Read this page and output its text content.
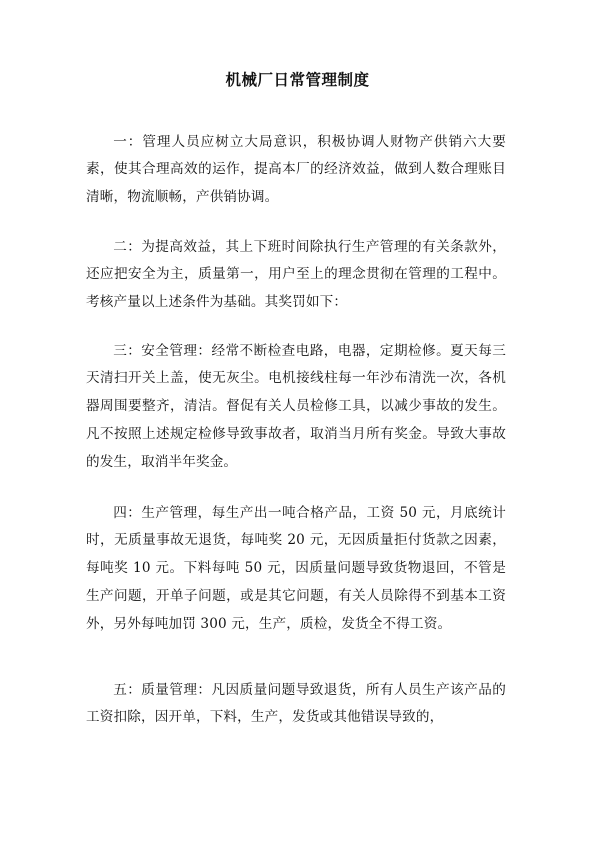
机械厂日常管理制度

一：管理人员应树立大局意识，积极协调人财物产供销六大要素，使其合理高效的运作，提高本厂的经济效益，做到人数合理账目清晰，物流顺畅，产供销协调。

二：为提高效益，其上下班时间除执行生产管理的有关条款外，还应把安全为主，质量第一，用户至上的理念贯彻在管理的工程中。考核产量以上述条件为基础。其奖罚如下：

三：安全管理：经常不断检查电路，电器，定期检修。夏天每三天清扫开关上盖，使无灰尘。电机接线柱每一年沙布清洗一次，各机器周围要整齐，清洁。督促有关人员检修工具，以减少事故的发生。凡不按照上述规定检修导致事故者，取消当月所有奖金。导致大事故的发生，取消半年奖金。

四：生产管理，每生产出一吨合格产品，工资 50 元，月底统计时，无质量事故无退货，每吨奖 20 元，无因质量拒付货款之因素，每吨奖 10 元。下料每吨 50 元，因质量问题导致货物退回，不管是生产问题，开单子问题，或是其它问题，有关人员除得不到基本工资外，另外每吨加罚 300 元，生产，质检，发货全不得工资。

五：质量管理：凡因质量问题导致退货，所有人员生产该产品的工资扣除，因开单，下料，生产，发货或其他错误导致的，
